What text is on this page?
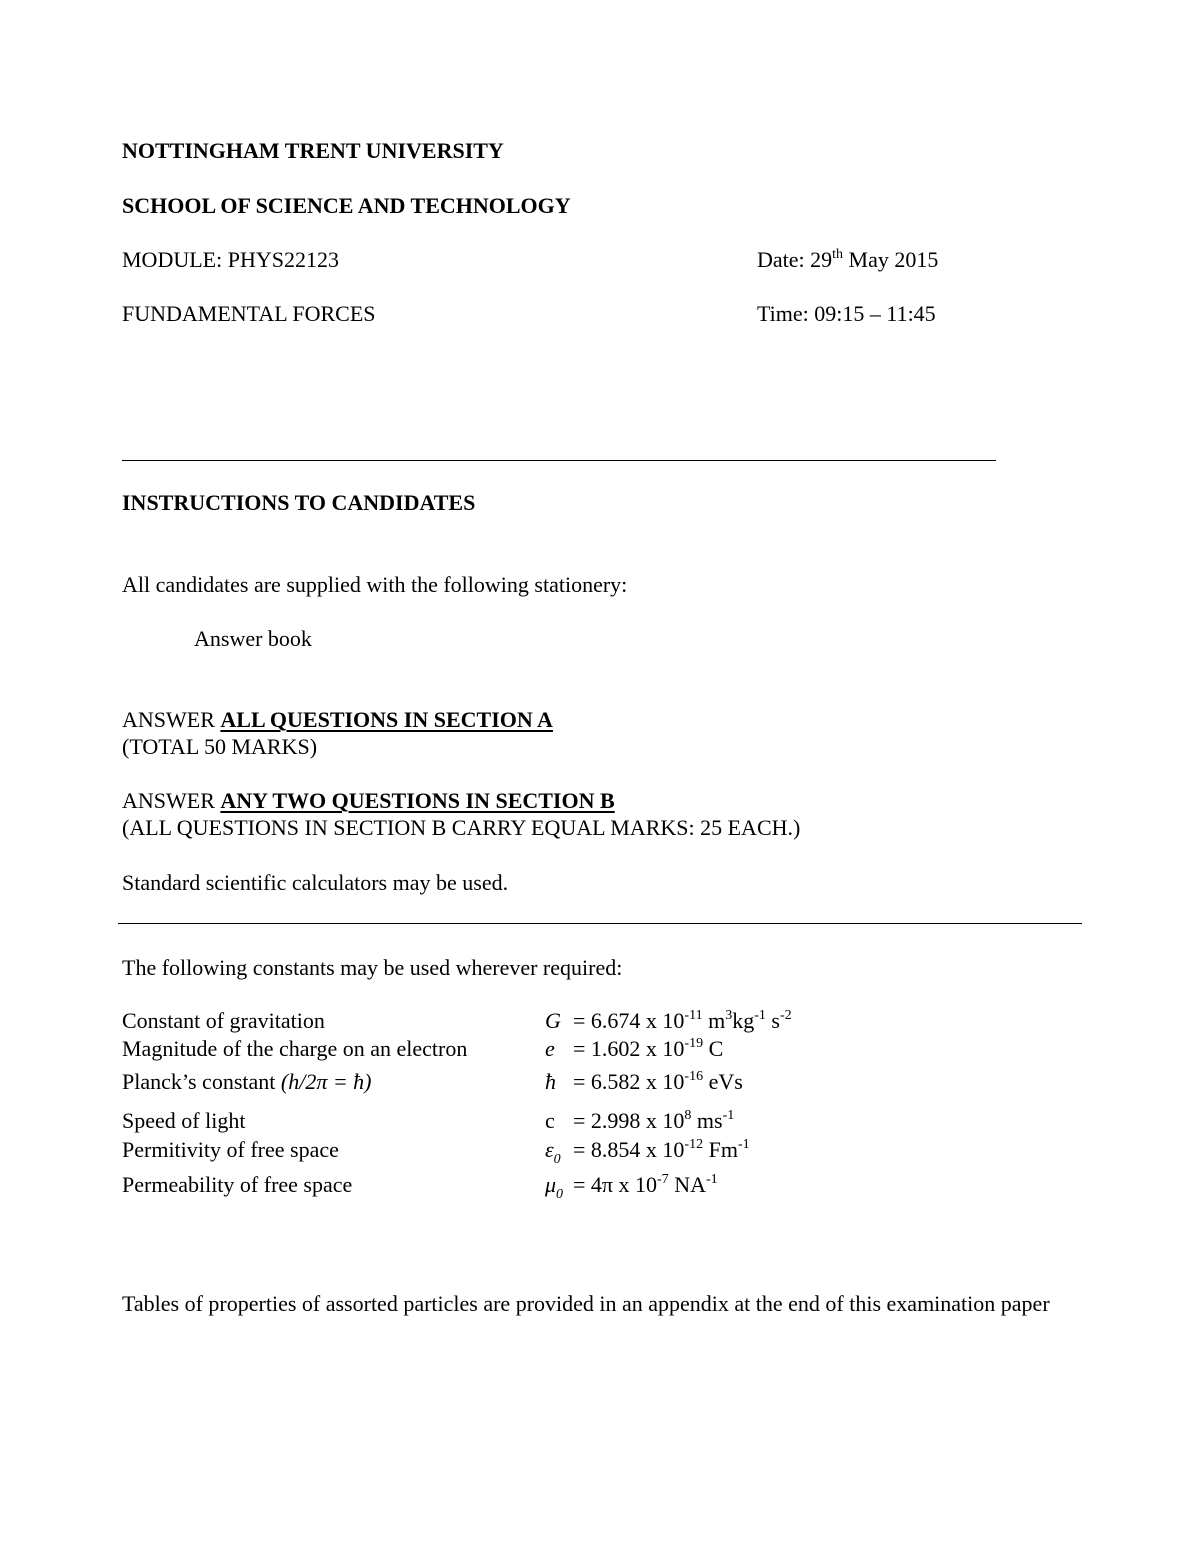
NOTTINGHAM TRENT UNIVERSITY
SCHOOL OF SCIENCE AND TECHNOLOGY
MODULE: PHYS22123	Date: 29th May 2015
FUNDAMENTAL FORCES	Time: 09:15 – 11:45
INSTRUCTIONS TO CANDIDATES
All candidates are supplied with the following stationery:
Answer book
ANSWER ALL QUESTIONS IN SECTION A
(TOTAL 50 MARKS)
ANSWER ANY TWO QUESTIONS IN SECTION B
(ALL QUESTIONS IN SECTION B CARRY EQUAL MARKS: 25 EACH.)
Standard scientific calculators may be used.
The following constants may be used wherever required:
Constant of gravitation	G = 6.674 x $10^{-11}$ $m^3kg^{-1}$ $s^{-2}$
Magnitude of the charge on an electron	e = 1.602 x $10^{-19}$ C
Planck’s constant (h/2π = ħ)	ħ = 6.582 x $10^{-16}$ eVs
Speed of light	c = 2.998 x $10^8$ $ms^{-1}$
Permitivity of free space	$\varepsilon_0 = 8.854$ x $10^{-12}$ $Fm^{-1}$
Permeability of free space	$\mu_0 = 4\pi$ x $10^{-7}$ $NA^{-1}$
Tables of properties of assorted particles are provided in an appendix at the end of this examination paper
